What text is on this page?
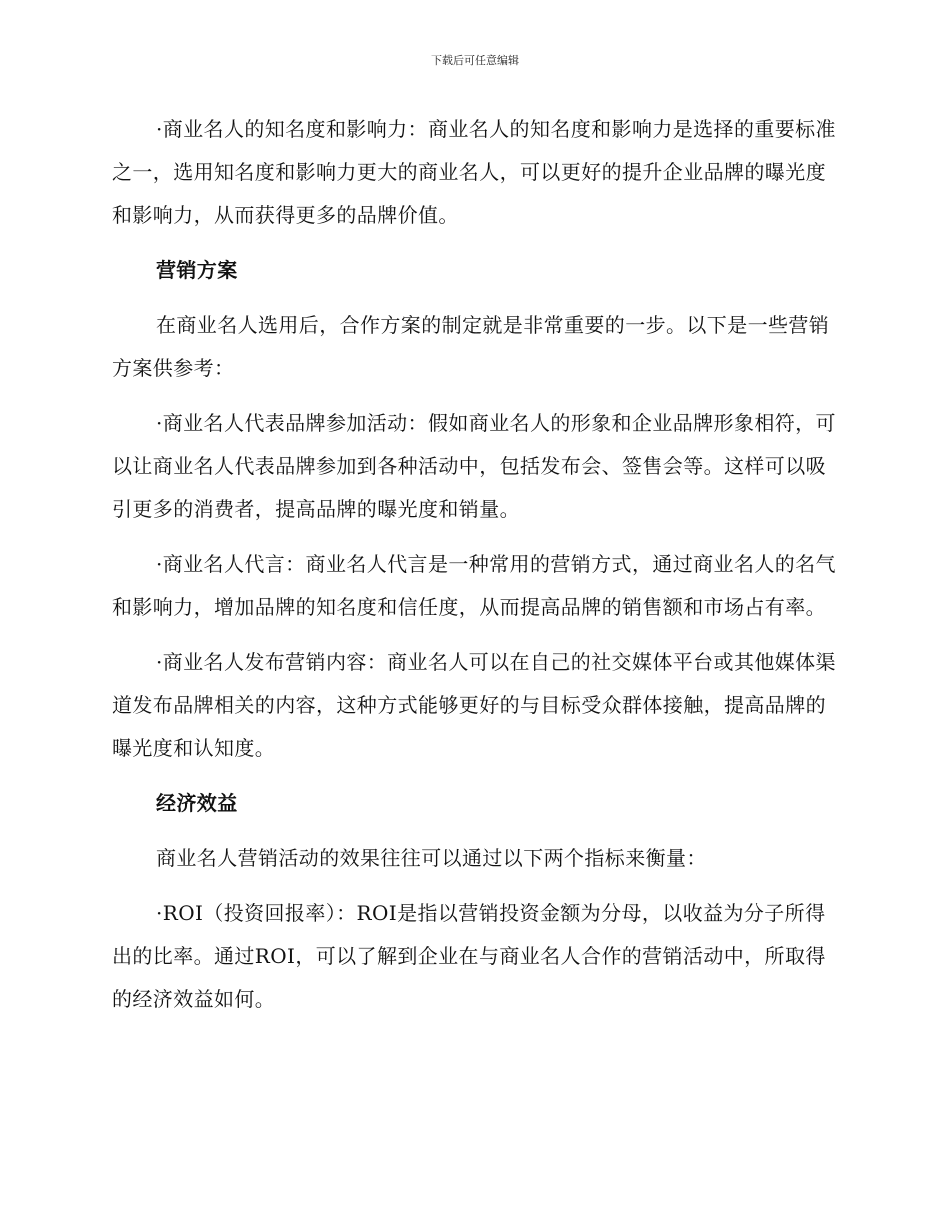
下载后可任意编辑

·商业名人的知名度和影响力：商业名人的知名度和影响力是选择的重要标准之一，选用知名度和影响力更大的商业名人，可以更好的提升企业品牌的曝光度和影响力，从而获得更多的品牌价值。

营销方案

在商业名人选用后，合作方案的制定就是非常重要的一步。以下是一些营销方案供参考：

·商业名人代表品牌参加活动：假如商业名人的形象和企业品牌形象相符，可以让商业名人代表品牌参加到各种活动中，包括发布会、签售会等。这样可以吸引更多的消费者，提高品牌的曝光度和销量。

·商业名人代言：商业名人代言是一种常用的营销方式，通过商业名人的名气和影响力，增加品牌的知名度和信任度，从而提高品牌的销售额和市场占有率。

·商业名人发布营销内容：商业名人可以在自己的社交媒体平台或其他媒体渠道发布品牌相关的内容，这种方式能够更好的与目标受众群体接触，提高品牌的曝光度和认知度。

经济效益

商业名人营销活动的效果往往可以通过以下两个指标来衡量：

·ROI（投资回报率）：ROI是指以营销投资金额为分母，以收益为分子所得出的比率。通过ROI，可以了解到企业在与商业名人合作的营销活动中，所取得的经济效益如何。
